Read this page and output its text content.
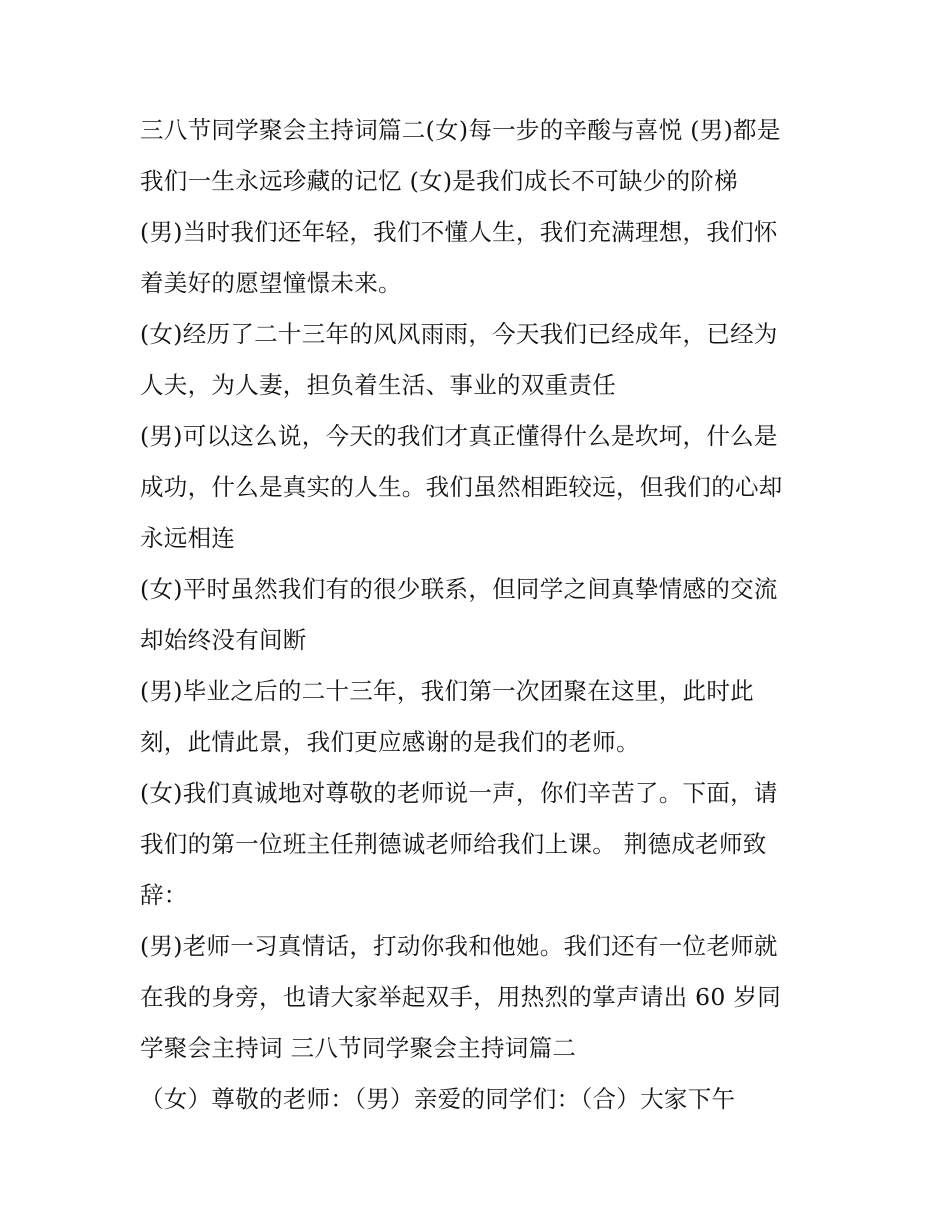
三八节同学聚会主持词篇二(女)每一步的辛酸与喜悦 (男)都是
我们一生永远珍藏的记忆 (女)是我们成长不可缺少的阶梯
(男)当时我们还年轻，我们不懂人生，我们充满理想，我们怀
着美好的愿望憧憬未来。
(女)经历了二十三年的风风雨雨，今天我们已经成年，已经为
人夫，为人妻，担负着生活、事业的双重责任
(男)可以这么说，今天的我们才真正懂得什么是坎坷，什么是
成功，什么是真实的人生。我们虽然相距较远，但我们的心却
永远相连
(女)平时虽然我们有的很少联系，但同学之间真挚情感的交流
却始终没有间断
(男)毕业之后的二十三年，我们第一次团聚在这里，此时此
刻，此情此景，我们更应感谢的是我们的老师。
(女)我们真诚地对尊敬的老师说一声，你们辛苦了。下面，请
我们的第一位班主任荆德诚老师给我们上课。 荆德成老师致
辞：
(男)老师一习真情话，打动你我和他她。我们还有一位老师就
在我的身旁，也请大家举起双手，用热烈的掌声请出 60 岁同
学聚会主持词 三八节同学聚会主持词篇二
（女）尊敬的老师：（男）亲爱的同学们：（合）大家下午
